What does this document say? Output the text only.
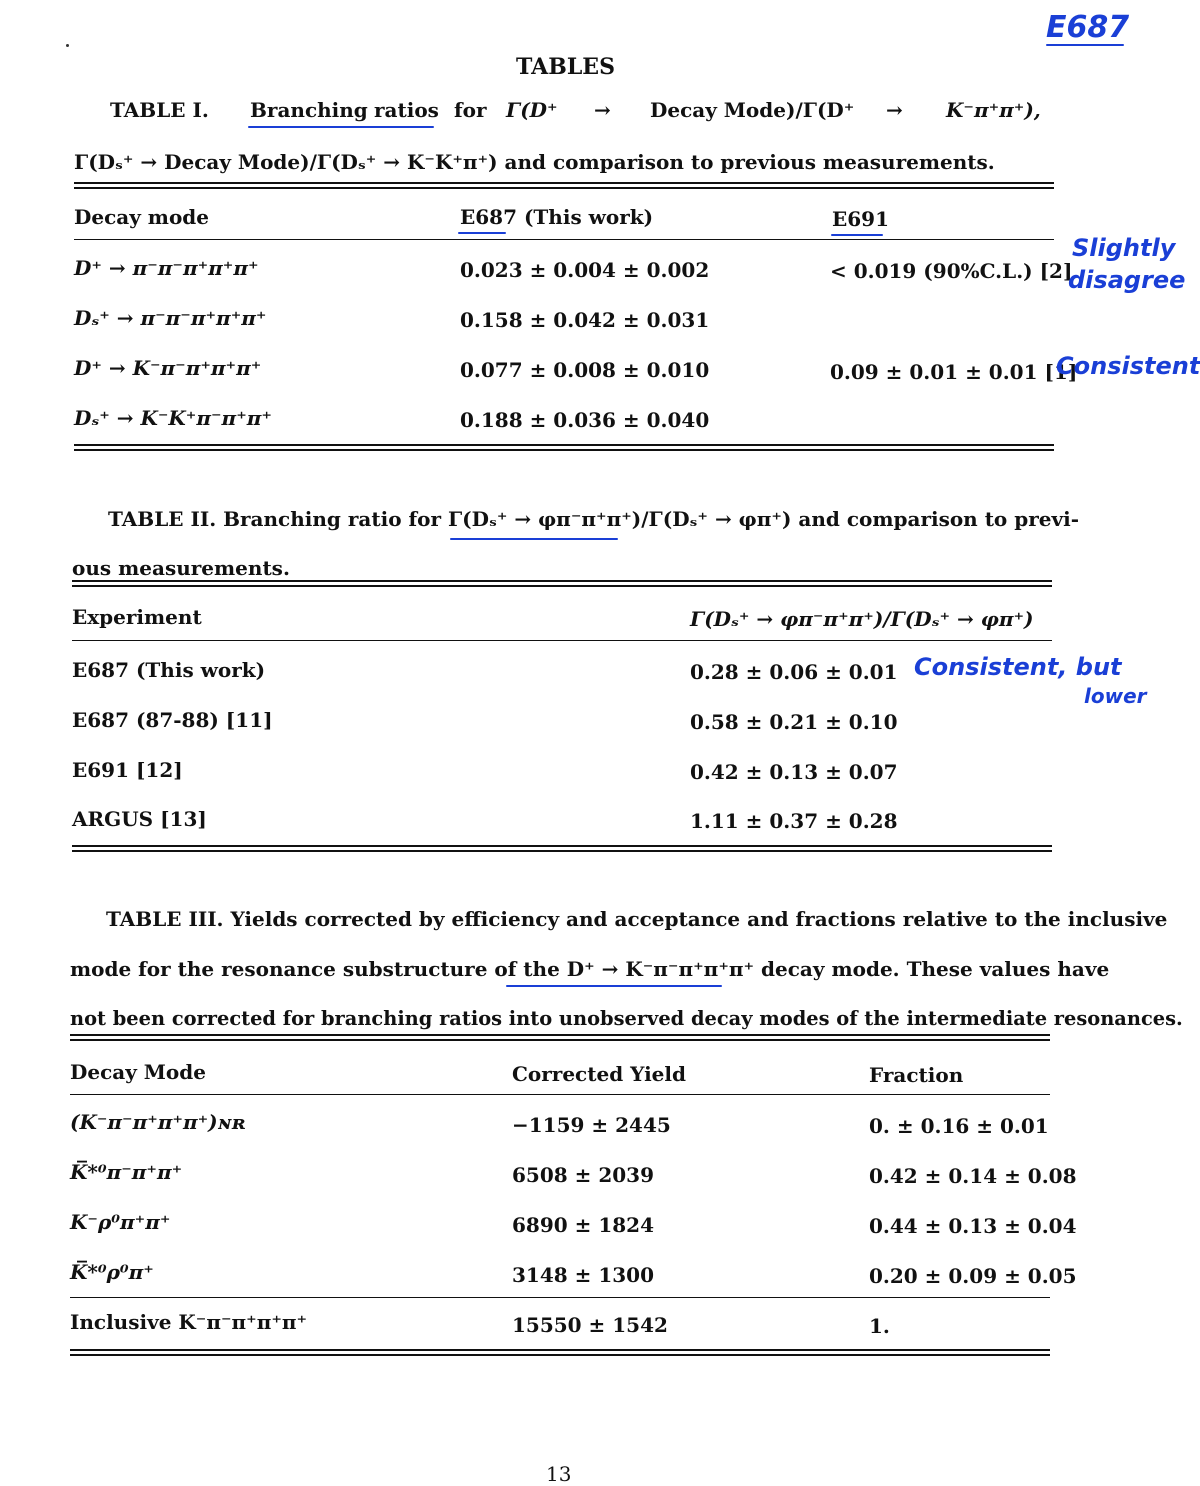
E687
TABLES
TABLE I. Branching ratios for Γ(D⁺ → Decay Mode)/Γ(D⁺ → K⁻π⁺π⁺),
Γ(Dₛ⁺ → Decay Mode)/Γ(Dₛ⁺ → K⁻K⁺π⁺) and comparison to previous measurements.
Decay mode	E687 (This work)	E691
D⁺ → π⁻π⁻π⁺π⁺π⁺	0.023 ± 0.004 ± 0.002	< 0.019 (90%C.L.) [2]
Dₛ⁺ → π⁻π⁻π⁺π⁺π⁺	0.158 ± 0.042 ± 0.031
D⁺ → K⁻π⁻π⁺π⁺π⁺	0.077 ± 0.008 ± 0.010	0.09 ± 0.01 ± 0.01 [1]
Dₛ⁺ → K⁻K⁺π⁻π⁺π⁺	0.188 ± 0.036 ± 0.040
Slightly
disagree
Consistent
TABLE II. Branching ratio for Γ(Dₛ⁺ → φπ⁻π⁺π⁺)/Γ(Dₛ⁺ → φπ⁺) and comparison to previ-
ous measurements.
Experiment	Γ(Dₛ⁺ → φπ⁻π⁺π⁺)/Γ(Dₛ⁺ → φπ⁺)
E687 (This work)	0.28 ± 0.06 ± 0.01
E687 (87-88) [11]	0.58 ± 0.21 ± 0.10
E691 [12]	0.42 ± 0.13 ± 0.07
ARGUS [13]	1.11 ± 0.37 ± 0.28
Consistent, but
lower
TABLE III. Yields corrected by efficiency and acceptance and fractions relative to the inclusive
mode for the resonance substructure of the D⁺ → K⁻π⁻π⁺π⁺π⁺ decay mode. These values have
not been corrected for branching ratios into unobserved decay modes of the intermediate resonances.
Decay Mode	Corrected Yield	Fraction
(K⁻π⁻π⁺π⁺π⁺)ɴʀ	−1159 ± 2445	0. ± 0.16 ± 0.01
K̅*⁰π⁻π⁺π⁺	6508 ± 2039	0.42 ± 0.14 ± 0.08
K⁻ρ⁰π⁺π⁺	6890 ± 1824	0.44 ± 0.13 ± 0.04
K̅*⁰ρ⁰π⁺	3148 ± 1300	0.20 ± 0.09 ± 0.05
Inclusive K⁻π⁻π⁺π⁺π⁺	15550 ± 1542	1.
13
